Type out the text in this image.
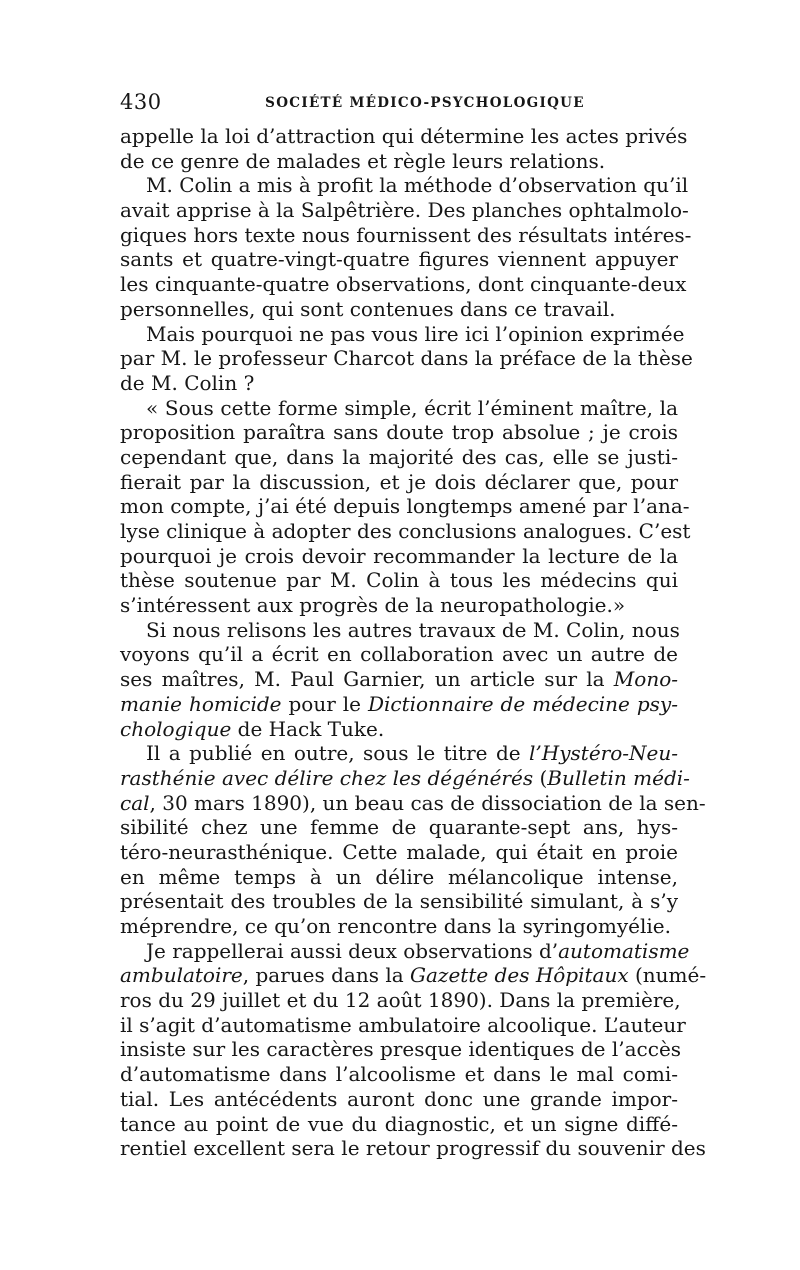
430	SOCIÉTÉ MÉDICO-PSYCHOLOGIQUE
appelle la loi d’attraction qui détermine les actes privés
de ce genre de malades et règle leurs relations.
M. Colin a mis à profit la méthode d’observation qu’il
avait apprise à la Salpêtrière. Des planches ophtalmolo-
giques hors texte nous fournissent des résultats intéres-
sants et quatre-vingt-quatre figures viennent appuyer
les cinquante-quatre observations, dont cinquante-deux
personnelles, qui sont contenues dans ce travail.
Mais pourquoi ne pas vous lire ici l’opinion exprimée
par M. le professeur Charcot dans la préface de la thèse
de M. Colin ?
« Sous cette forme simple, écrit l’éminent maître, la
proposition paraîtra sans doute trop absolue ; je crois
cependant que, dans la majorité des cas, elle se justi-
fierait par la discussion, et je dois déclarer que, pour
mon compte, j’ai été depuis longtemps amené par l’ana-
lyse clinique à adopter des conclusions analogues. C’est
pourquoi je crois devoir recommander la lecture de la
thèse soutenue par M. Colin à tous les médecins qui
s’intéressent aux progrès de la neuropathologie.»
Si nous relisons les autres travaux de M. Colin, nous
voyons qu’il a écrit en collaboration avec un autre de
ses maîtres, M. Paul Garnier, un article sur la Mono-
manie homicide pour le Dictionnaire de médecine psy-
chologique de Hack Tuke.
Il a publié en outre, sous le titre de l’Hystéro-Neu-
rasthénie avec délire chez les dégénérés (Bulletin médi-
cal, 30 mars 1890), un beau cas de dissociation de la sen-
sibilité chez une femme de quarante-sept ans, hys-
téro-neurasthénique. Cette malade, qui était en proie
en même temps à un délire mélancolique intense,
présentait des troubles de la sensibilité simulant, à s’y
méprendre, ce qu’on rencontre dans la syringomyélie.
Je rappellerai aussi deux observations d’automatisme
ambulatoire, parues dans la Gazette des Hôpitaux (numé-
ros du 29 juillet et du 12 août 1890). Dans la première,
il s’agit d’automatisme ambulatoire alcoolique. L’auteur
insiste sur les caractères presque identiques de l’accès
d’automatisme dans l’alcoolisme et dans le mal comi-
tial. Les antécédents auront donc une grande impor-
tance au point de vue du diagnostic, et un signe diffé-
rentiel excellent sera le retour progressif du souvenir des
